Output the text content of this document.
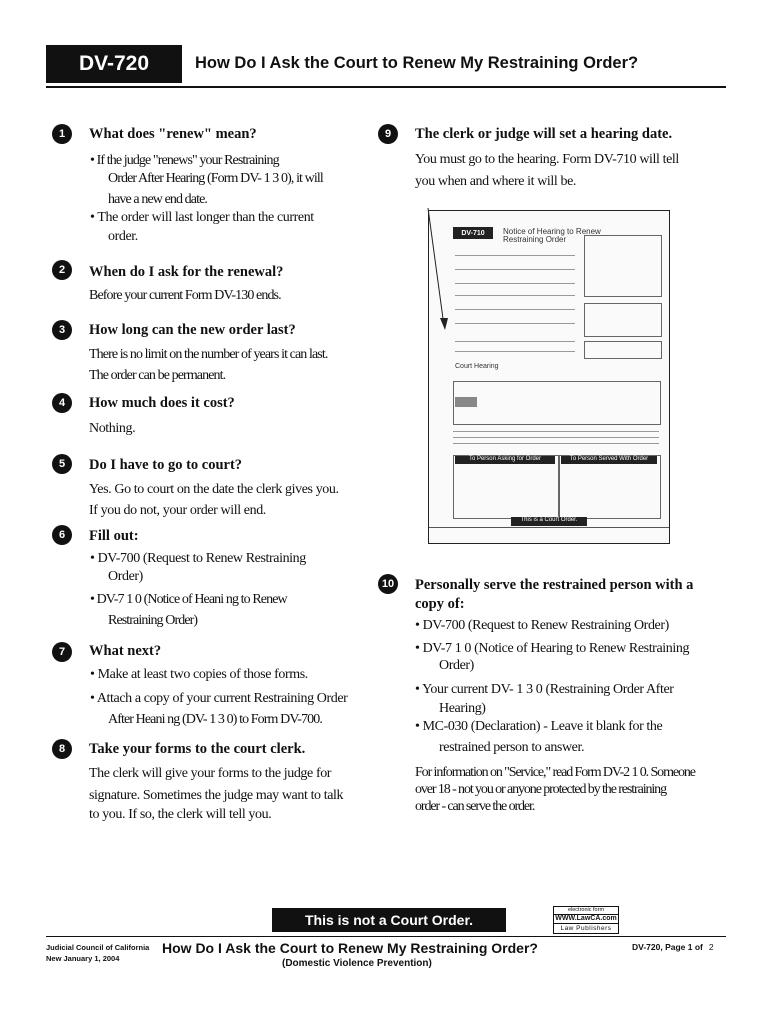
DV-720	How Do I Ask the Court to Renew My Restraining Order?
1	What does "renew" mean?
• If the judge "renews" your Restraining
Order After Hearing (Form DV- 1 3 0), it will
have a new end date.
• The order will last longer than the current
order.
2	When do I ask for the renewal?
Before your current Form DV-130 ends.
3	How long can the new order last?
There is no limit on the number of years it can last.
The order can be permanent.
4	How much does it cost?
Nothing.
5	Do I have to go to court?
Yes. Go to court on the date the clerk gives you.
If you do not, your order will end.
6	Fill out:
• DV-700 (Request to Renew Restraining
Order)
• DV-7 1 0 (Notice of Heani ng to Renew
Restraining Order)
7	What next?
• Make at least two copies of those forms.
• Attach a copy of your current Restraining Order
After Heani ng (DV- 1 3 0) to Form DV-700.
8	Take your forms to the court clerk.
The clerk will give your forms to the judge for
signature. Sometimes the judge may want to talk
to you. If so, the clerk will tell you.
9	The clerk or judge will set a hearing date.
You must go to the hearing. Form DV-710 will tell
you when and where it will be.
DV-710	Notice of Hearing to Renew
Restraining Order
Court Hearing
To Person Asking for Order	To Person Served With Order
This is a Court Order.
10 Personally serve the restrained person with a
copy of:
• DV-700 (Request to Renew Restraining Order)
• DV-7 1 0 (Notice of Hearing to Renew Restraining
Order)
• Your current DV- 1 3 0 (Restraining Order After
Hearing)
• MC-030 (Declaration) - Leave it blank for the
restrained person to answer.
For information on "Service," read Form DV-2 1 0. Someone
over 18 - not you or anyone protected by the restraining
order - can serve the order.
This is not a Court Order.
electronic form
WWW.LawCA.com
Law Publishers
Judicial Council of California
New January 1, 2004
How Do I Ask the Court to Renew My Restraining Order?
(Domestic Violence Prevention)
DV-720, Page 1 of 2
